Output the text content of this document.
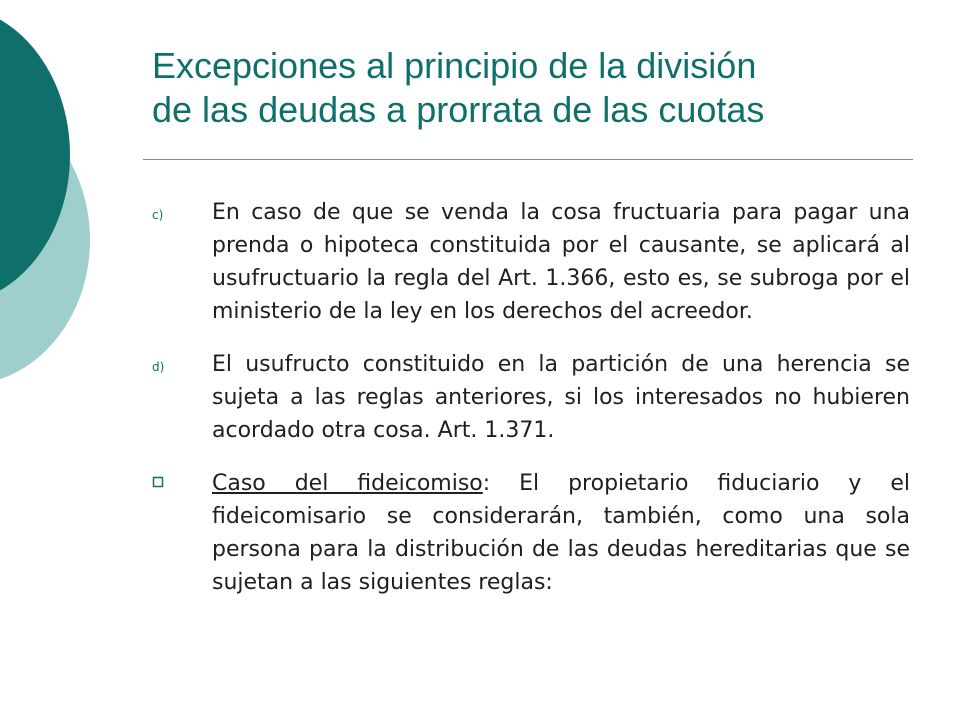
Excepciones al principio de la división
de las deudas a prorrata de las cuotas
c)	En caso de que se venda la cosa fructuaria para pagar una prenda o hipoteca constituida por el causante, se aplicará al usufructuario la regla del Art. 1.366, esto es, se subroga por el ministerio de la ley en los derechos del acreedor.
d)	El usufructo constituido en la partición de una herencia se sujeta a las reglas anteriores, si los interesados no hubieren acordado otra cosa. Art. 1.371.
Caso del fideicomiso: El propietario fiduciario y el fideicomisario se considerarán, también, como una sola persona para la distribución de las deudas hereditarias que se sujetan a las siguientes reglas:
